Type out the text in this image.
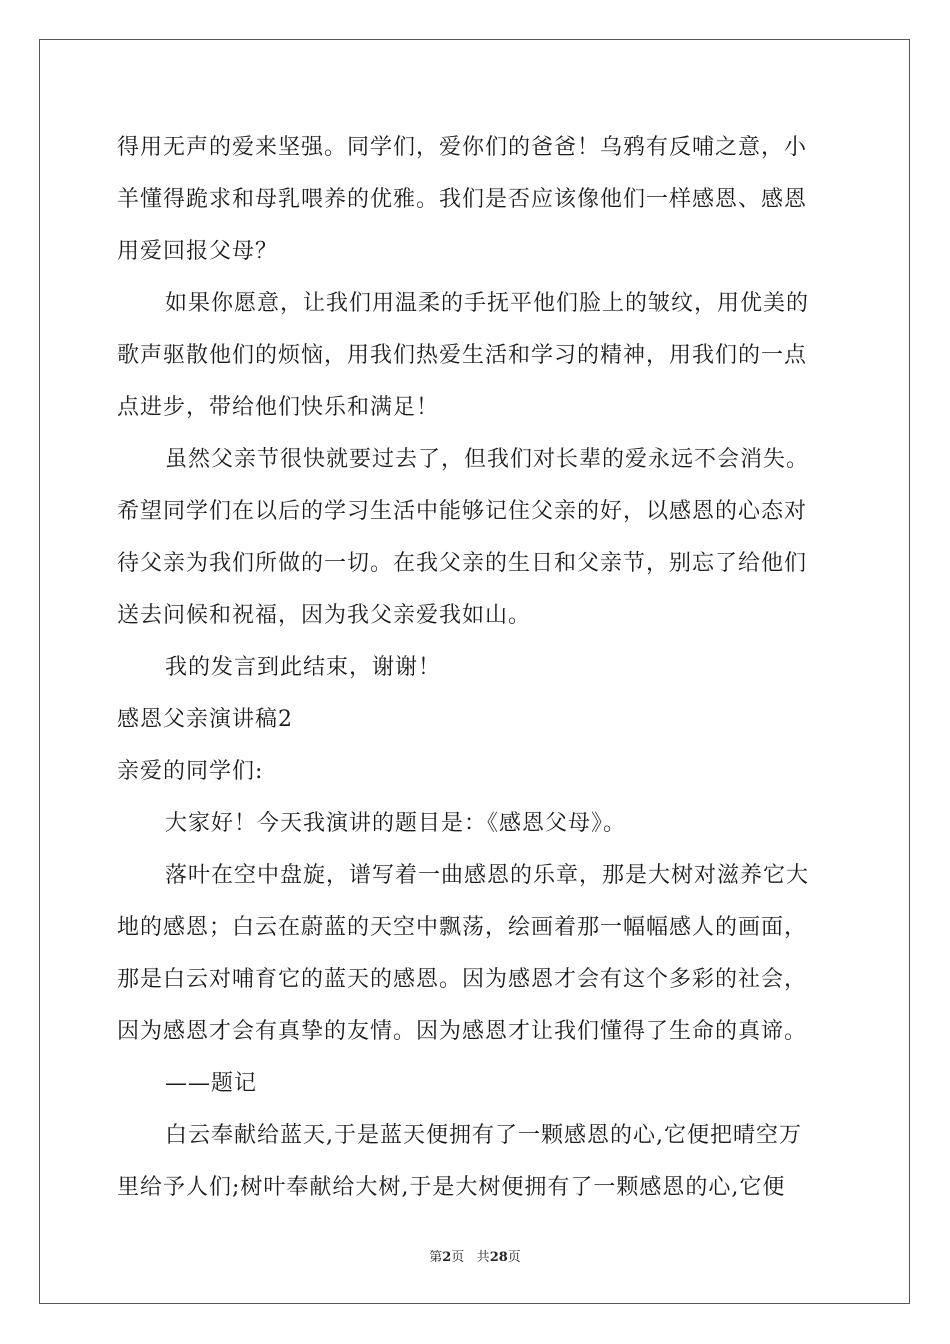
得用无声的爱来坚强。同学们，爱你们的爸爸！乌鸦有反哺之意，小
羊懂得跪求和母乳喂养的优雅。我们是否应该像他们一样感恩、感恩
用爱回报父母？
如果你愿意，让我们用温柔的手抚平他们脸上的皱纹，用优美的
歌声驱散他们的烦恼，用我们热爱生活和学习的精神，用我们的一点
点进步，带给他们快乐和满足！
虽然父亲节很快就要过去了，但我们对长辈的爱永远不会消失。
希望同学们在以后的学习生活中能够记住父亲的好，以感恩的心态对
待父亲为我们所做的一切。在我父亲的生日和父亲节，别忘了给他们
送去问候和祝福，因为我父亲爱我如山。
我的发言到此结束，谢谢！
感恩父亲演讲稿2
亲爱的同学们:
大家好！今天我演讲的题目是：《感恩父母》。
落叶在空中盘旋，谱写着一曲感恩的乐章，那是大树对滋养它大
地的感恩；白云在蔚蓝的天空中飘荡，绘画着那一幅幅感人的画面，
那是白云对哺育它的蓝天的感恩。因为感恩才会有这个多彩的社会，
因为感恩才会有真挚的友情。因为感恩才让我们懂得了生命的真谛。
——题记
白云奉献给蓝天,于是蓝天便拥有了一颗感恩的心,它便把晴空万
里给予人们;树叶奉献给大树,于是大树便拥有了一颗感恩的心,它便
第2页 共28页
